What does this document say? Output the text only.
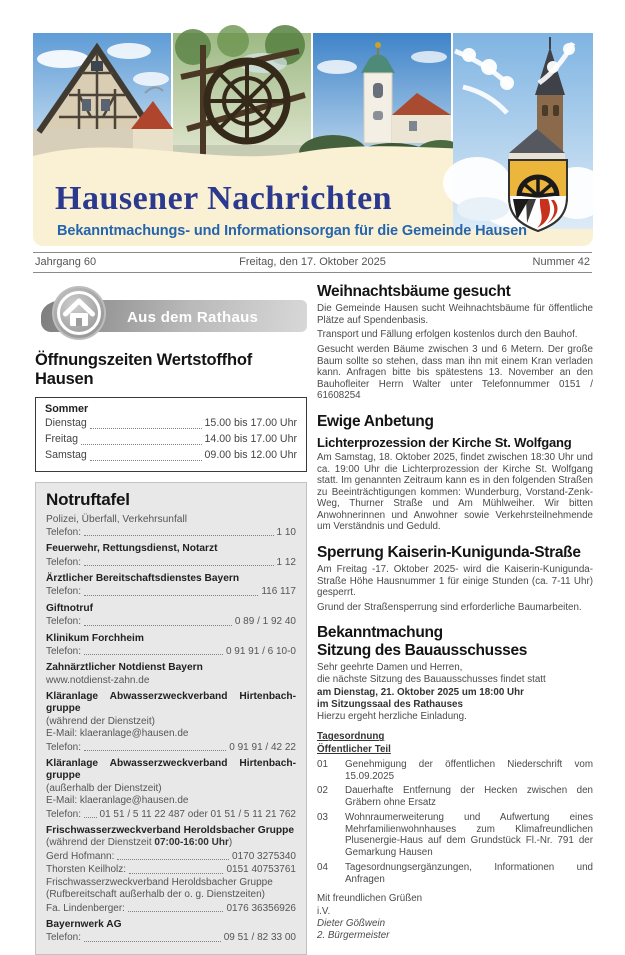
Hausener Nachrichten
Bekanntmachungs- und Informationsorgan für die Gemeinde Hausen
Jahrgang 60	Freitag, den 17. Oktober 2025	Nummer 42
Aus dem Rathaus
Öffnungszeiten Wertstoffhof Hausen
Sommer
Dienstag	15.00 bis 17.00 Uhr
Freitag	14.00 bis 17.00 Uhr
Samstag	09.00 bis 12.00 Uhr
Notruftafel
Polizei, Überfall, Verkehrsunfall
Telefon:	1 10
Feuerwehr, Rettungsdienst, Notarzt
Telefon:	1 12
Ärztlicher Bereitschaftsdienstes Bayern
Telefon:	116 117
Giftnotruf
Telefon:	0 89 / 1 92 40
Klinikum Forchheim
Telefon:	0 91 91 / 6 10-0
Zahnärztlicher Notdienst Bayern
www.notdienst-zahn.de
Kläranlage Abwasserzweckverband Hirtenbach-gruppe
(während der Dienstzeit)
E-Mail: klaeranlage@hausen.de
Telefon:	0 91 91 / 42 22
Kläranlage Abwasserzweckverband Hirtenbach-gruppe
(außerhalb der Dienstzeit)
E-Mail: klaeranlage@hausen.de
Telefon: 01 51 / 5 11 22 487 oder 01 51 / 5 11 21 762
Frischwasserzweckverband Heroldsbacher Gruppe
(während der Dienstzeit 07:00-16:00 Uhr)
Gerd Hofmann:	0170 3275340
Thorsten Keilholz:	0151 40753761
Frischwasserzweckverband Heroldsbacher Gruppe
(Rufbereitschaft außerhalb der o. g. Dienstzeiten)
Fa. Lindenberger:	0176 36356926
Bayernwerk AG
Telefon:	09 51 / 82 33 00
Weihnachtsbäume gesucht

Die Gemeinde Hausen sucht Weihnachtsbäume für öffentliche Plätze auf Spendenbasis.

Transport und Fällung erfolgen kostenlos durch den Bauhof.

Gesucht werden Bäume zwischen 3 und 6 Metern. Der große Baum sollte so stehen, dass man ihn mit einem Kran verladen kann. Anfragen bitte bis spätestens 13. November an den Bauhofleiter Herrn Walter unter Telefonnummer 0151 / 61608254

Ewige Anbetung
Lichterprozession der Kirche St. Wolfgang

Am Samstag, 18. Oktober 2025, findet zwischen 18:30 Uhr und ca. 19:00 Uhr die Lichterprozession der Kirche St. Wolfgang statt. Im genannten Zeitraum kann es in den folgenden Straßen zu Beeinträchtigungen kommen: Wunderburg, Vorstand-Zenk-Weg, Thurner Straße und Am Mühlweiher. Wir bitten Anwohnerinnen und Anwohner sowie Verkehrsteilnehmende um Verständnis und Geduld.

Sperrung Kaiserin-Kunigunda-Straße

Am Freitag -17. Oktober 2025- wird die Kaiserin-Kunigunda-Straße Höhe Hausnummer 1 für einige Stunden (ca. 7-11 Uhr) gesperrt.

Grund der Straßensperrung sind erforderliche Baumarbeiten.

Bekanntmachung
Sitzung des Bauausschusses
Sehr geehrte Damen und Herren,
die nächste Sitzung des Bauausschusses findet statt
am Dienstag, 21. Oktober 2025 um 18:00 Uhr
im Sitzungssaal des Rathauses
Hierzu ergeht herzliche Einladung.
Tagesordnung
Öffentlicher Teil
01	Genehmigung der öffentlichen Niederschrift vom 15.09.2025
02	Dauerhafte Entfernung der Hecken zwischen den Gräbern ohne Ersatz
03	Wohnraumerweiterung und Aufwertung eines Mehrfamilienwohnhauses zum Klimafreundlichen Plusenergie-Haus auf dem Grundstück Fl.-Nr. 791 der Gemarkung Hausen
04	Tagesordnungsergänzungen, Informationen und Anfragen
Mit freundlichen Grüßen
i.V.
Dieter Gößwein
2. Bürgermeister
